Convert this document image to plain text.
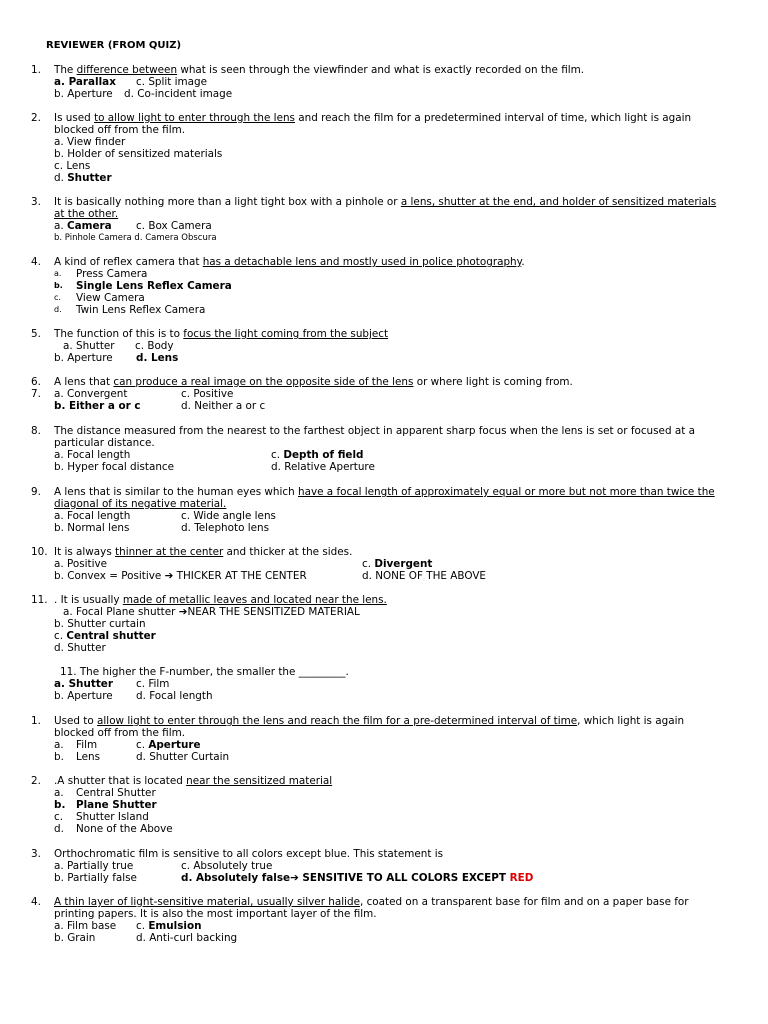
REVIEWER (FROM QUIZ)
1.	The difference between what is seen through the viewfinder and what is exactly recorded on the film.
a. Parallax c. Split image
b. Aperture d. Co-incident image
2.	Is used to allow light to enter through the lens and reach the film for a predetermined interval of time, which light is again blocked off from the film.
a. View finder
b. Holder of sensitized materials
c. Lens
d. Shutter
3.	It is basically nothing more than a light tight box with a pinhole or a lens, shutter at the end, and holder of sensitized materials at the other.
a. Camera c. Box Camera
b. Pinhole Camera d. Camera Obscura
4.	A kind of reflex camera that has a detachable lens and mostly used in police photography.
a. Press Camera
b. Single Lens Reflex Camera
c. View Camera
d. Twin Lens Reflex Camera
5.	The function of this is to focus the light coming from the subject
a. Shutter c. Body
b. Aperture d. Lens
6.	A lens that can produce a real image on the opposite side of the lens or where light is coming from.
7.	a. Convergent	c. Positive
b. Either a or c	d. Neither a or c
8.	The distance measured from the nearest to the farthest object in apparent sharp focus when the lens is set or focused at a particular distance.
a. Focal length	c. Depth of field
b. Hyper focal distance	d. Relative Aperture
9.	A lens that is similar to the human eyes which have a focal length of approximately equal or more but not more than twice the diagonal of its negative material.
a. Focal length	c. Wide angle lens
b. Normal lens	d. Telephoto lens
10. It is always thinner at the center and thicker at the sides.
a. Positive	c. Divergent
b. Convex = Positive ➔ THICKER AT THE CENTER	d. NONE OF THE ABOVE
11. . It is usually made of metallic leaves and located near the lens.
a. Focal Plane shutter ➔NEAR THE SENSITIZED MATERIAL
b. Shutter curtain
c. Central shutter
d. Shutter
11. The higher the F-number, the smaller the _________.
a. Shutter c. Film
b. Aperture d. Focal length
1.	Used to allow light to enter through the lens and reach the film for a pre-determined interval of time, which light is again blocked off from the film.
a. Film	c. Aperture
b. Lens	d. Shutter Curtain
2.	.A shutter that is located near the sensitized material
a. Central Shutter
b. Plane Shutter
c. Shutter Island
d. None of the Above
3.	Orthochromatic film is sensitive to all colors except blue. This statement is
a. Partially true	c. Absolutely true
b. Partially false	d. Absolutely false➔ SENSITIVE TO ALL COLORS EXCEPT RED
4.	A thin layer of light-sensitive material, usually silver halide, coated on a transparent base for film and on a paper base for printing papers. It is also the most important layer of the film.
a. Film base c. Emulsion
b. Grain	d. Anti-curl backing
